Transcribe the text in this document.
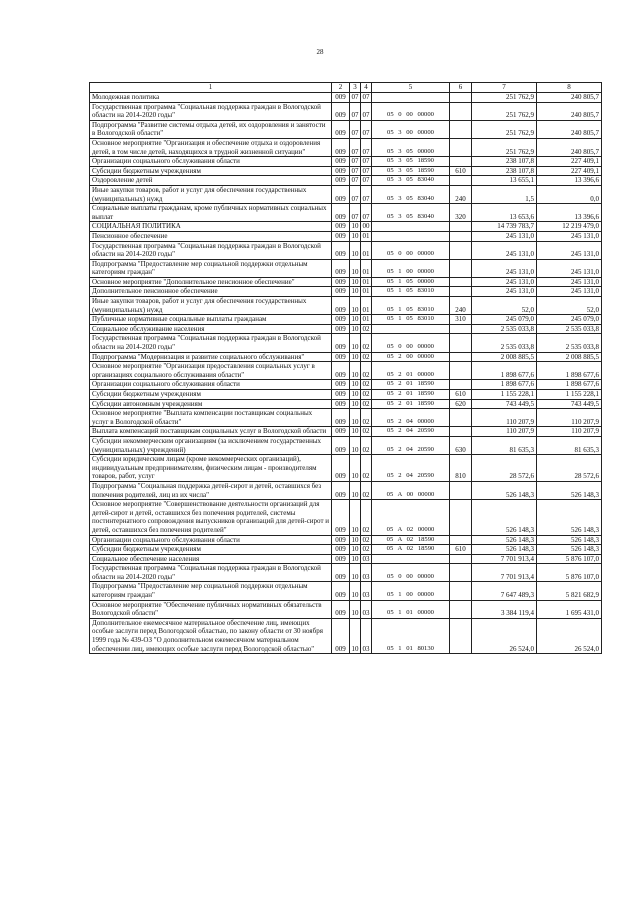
28
1	2	3	4	5	6	7	8
Молодежная политика	009	07	07			251 762,9	240 805,7
Государственная программа "Социальная поддержка граждан в Вологодской области на 2014-2020 годы"	009	07	07	05 0 00 00000		251 762,9	240 805,7
Подпрограмма "Развитие системы отдыха детей, их оздоровления и занятости в Вологодской области"	009	07	07	05 3 00 00000		251 762,9	240 805,7
Основное мероприятие "Организация и обеспечение отдыха и оздоровления детей, в том числе детей, находящихся в трудной жизненной ситуации"	009	07	07	05 3 05 00000		251 762,9	240 805,7
Организации социального обслуживания области	009	07	07	05 3 05 18590		238 107,8	227 409,1
Субсидии бюджетным учреждениям	009	07	07	05 3 05 18590	610	238 107,8	227 409,1
Оздоровление детей	009	07	07	05 3 05 83040		13 655,1	13 396,6
Иные закупки товаров, работ и услуг для обеспечения государственных (муниципальных) нужд	009	07	07	05 3 05 83040	240	1,5	0,0
Социальные выплаты гражданам, кроме публичных нормативных социальных выплат	009	07	07	05 3 05 83040	320	13 653,6	13 396,6
СОЦИАЛЬНАЯ ПОЛИТИКА	009	10	00			14 739 783,7	12 219 479,0
Пенсионное обеспечение	009	10	01			245 131,0	245 131,0
Государственная программа "Социальная поддержка граждан в Вологодской области на 2014-2020 годы"	009	10	01	05 0 00 00000		245 131,0	245 131,0
Подпрограмма "Предоставление мер социальной поддержки отдельным категориям граждан"	009	10	01	05 1 00 00000		245 131,0	245 131,0
Основное мероприятие "Дополнительное пенсионное обеспечение"	009	10	01	05 1 05 00000		245 131,0	245 131,0
Дополнительное пенсионное обеспечение	009	10	01	05 1 05 83010		245 131,0	245 131,0
Иные закупки товаров, работ и услуг для обеспечения государственных (муниципальных) нужд	009	10	01	05 1 05 83010	240	52,0	52,0
Публичные нормативные социальные выплаты гражданам	009	10	01	05 1 05 83010	310	245 079,0	245 079,0
Социальное обслуживание населения	009	10	02			2 535 033,8	2 535 033,8
Государственная программа "Социальная поддержка граждан в Вологодской области на 2014-2020 годы"	009	10	02	05 0 00 00000		2 535 033,8	2 535 033,8
Подпрограмма "Модернизация и развитие социального обслуживания"	009	10	02	05 2 00 00000		2 008 885,5	2 008 885,5
Основное мероприятие "Организация предоставления социальных услуг в организациях социального обслуживания области"	009	10	02	05 2 01 00000		1 898 677,6	1 898 677,6
Организации социального обслуживания области	009	10	02	05 2 01 18590		1 898 677,6	1 898 677,6
Субсидии бюджетным учреждениям	009	10	02	05 2 01 18590	610	1 155 228,1	1 155 228,1
Субсидии автономным учреждениям	009	10	02	05 2 01 18590	620	743 449,5	743 449,5
Основное мероприятие "Выплата компенсации поставщикам социальных услуг в Вологодской области"	009	10	02	05 2 04 00000		110 207,9	110 207,9
Выплата компенсаций поставщикам социальных услуг в Вологодской области	009	10	02	05 2 04 20590		110 207,9	110 207,9
Субсидии некоммерческим организациям (за исключением государственных (муниципальных) учреждений)	009	10	02	05 2 04 20590	630	81 635,3	81 635,3
Субсидии юридическим лицам (кроме некоммерческих организаций), индивидуальным предпринимателям, физическим лицам - производителям товаров, работ, услуг	009	10	02	05 2 04 20590	810	28 572,6	28 572,6
Подпрограмма "Социальная поддержка детей-сирот и детей, оставшихся без попечения родителей, лиц из их числа"	009	10	02	05 A 00 00000		526 148,3	526 148,3
Основное мероприятие "Совершенствование деятельности организаций для детей-сирот и детей, оставшихся без попечения родителей, системы постинтернатного сопровождения выпускников организаций для детей-сирот и детей, оставшихся без попечения родителей"	009	10	02	05 A 02 00000		526 148,3	526 148,3
Организации социального обслуживания области	009	10	02	05 A 02 18590		526 148,3	526 148,3
Субсидии бюджетным учреждениям	009	10	02	05 A 02 18590	610	526 148,3	526 148,3
Социальное обеспечение населения	009	10	03			7 701 913,4	5 876 107,0
Государственная программа "Социальная поддержка граждан в Вологодской области на 2014-2020 годы"	009	10	03	05 0 00 00000		7 701 913,4	5 876 107,0
Подпрограмма "Предоставление мер социальной поддержки отдельным категориям граждан"	009	10	03	05 1 00 00000		7 647 489,3	5 821 682,9
Основное мероприятие "Обеспечение публичных нормативных обязательств Вологодской области"	009	10	03	05 1 01 00000		3 384 119,4	1 695 431,0
Дополнительное ежемесячное материальное обеспечение лиц, имеющих особые заслуги перед Вологодской областью, по закону области от 30 ноября 1999 года № 439-ОЗ "О дополнительном ежемесячном материальном обеспечении лиц, имеющих особые заслуги перед Вологодской областью"	009	10	03	05 1 01 80130		26 524,0	26 524,0
